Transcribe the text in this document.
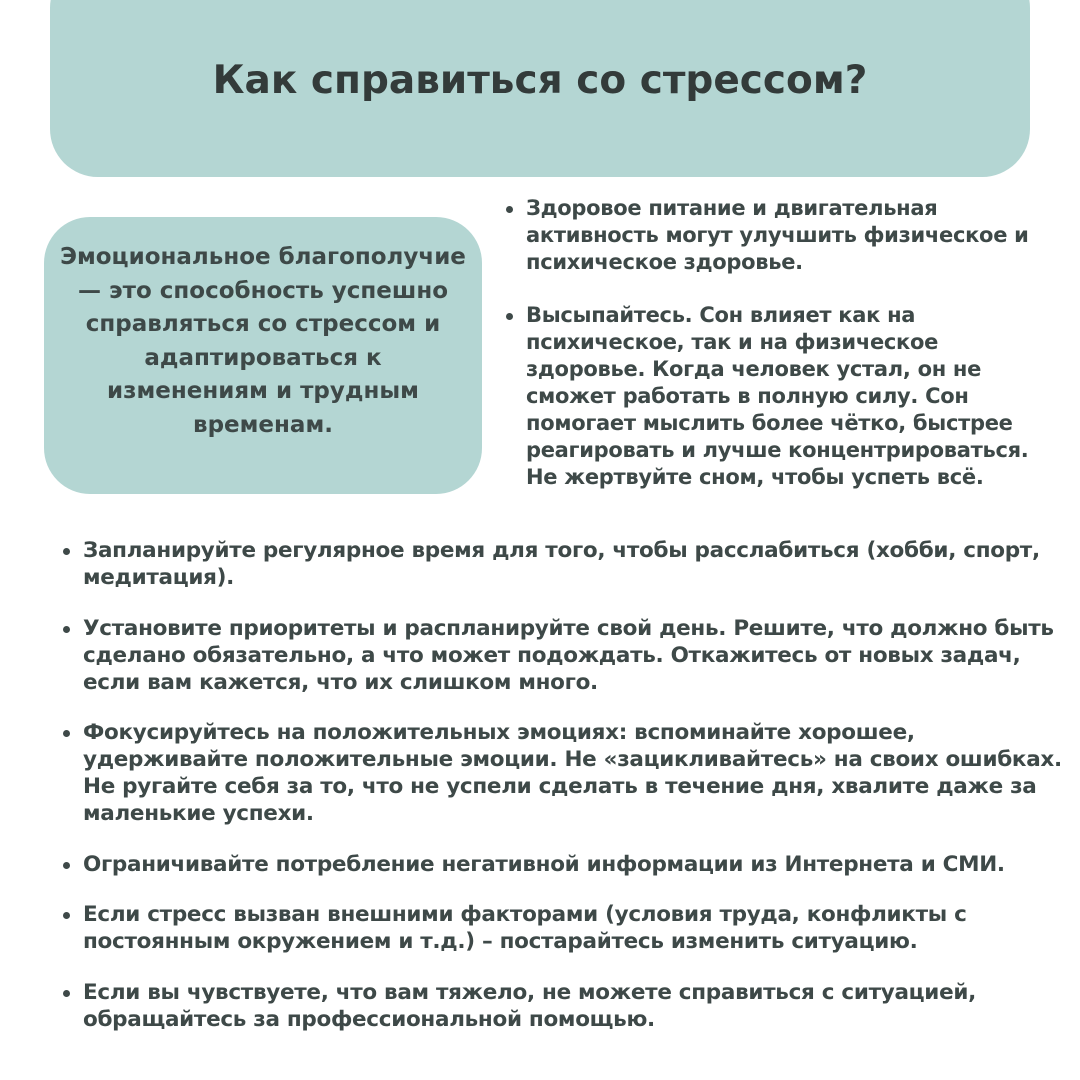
Как справиться со стрессом?

Эмоциональное благополучие — это способность успешно справляться со стрессом и адаптироваться к изменениям и трудным временам.

Здоровое питание и двигательная активность могут улучшить физическое и психическое здоровье.
Высыпайтесь. Сон влияет как на психическое, так и на физическое здоровье. Когда человек устал, он не сможет работать в полную силу. Сон помогает мыслить более чётко, быстрее реагировать и лучше концентрироваться. Не жертвуйте сном, чтобы успеть всё.
Запланируйте регулярное время для того, чтобы расслабиться (хобби, спорт, медитация).
Установите приоритеты и распланируйте свой день. Решите, что должно быть сделано обязательно, а что может подождать. Откажитесь от новых задач, если вам кажется, что их слишком много.
Фокусируйтесь на положительных эмоциях: вспоминайте хорошее, удерживайте положительные эмоции. Не «зацикливайтесь» на своих ошибках. Не ругайте себя за то, что не успели сделать в течение дня, хвалите даже за маленькие успехи.
Ограничивайте потребление негативной информации из Интернета и СМИ.
Если стресс вызван внешними факторами (условия труда, конфликты с постоянным окружением и т.д.) – постарайтесь изменить ситуацию.
Если вы чувствуете, что вам тяжело, не можете справиться с ситуацией, обращайтесь за профессиональной помощью.
